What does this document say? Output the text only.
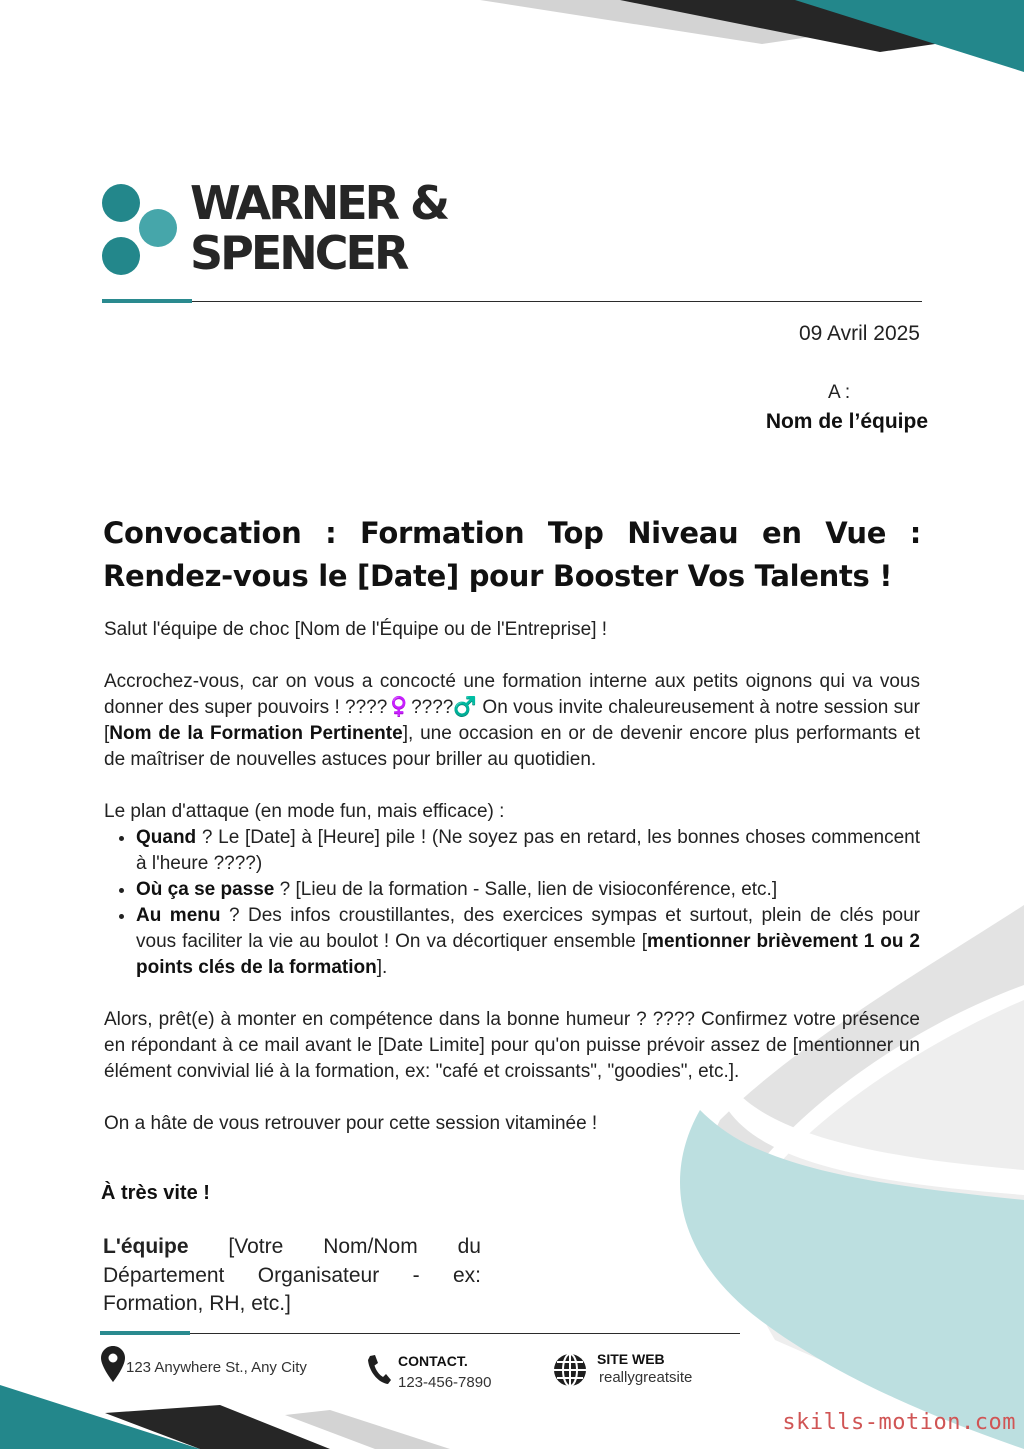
WARNER &
SPENCER
09 Avril 2025
A :
Nom de l’équipe
Convocation : Formation Top Niveau en Vue : Rendez-vous le [Date] pour Booster Vos Talents !

Salut l'équipe de choc [Nom de l'Équipe ou de l'Entreprise] !

Accrochez-vous, car on vous a concocté une formation interne aux petits oignons qui va vous donner des super pouvoirs ! ????♀️????♂️ On vous invite chaleureusement à notre session sur [Nom de la Formation Pertinente], une occasion en or de devenir encore plus performants et de maîtriser de nouvelles astuces pour briller au quotidien.

Le plan d'attaque (en mode fun, mais efficace) :

• Quand ? Le [Date] à [Heure] pile ! (Ne soyez pas en retard, les bonnes choses commencent à l'heure ????)
• Où ça se passe ? [Lieu de la formation - Salle, lien de visioconférence, etc.]
• Au menu ? Des infos croustillantes, des exercices sympas et surtout, plein de clés pour vous faciliter la vie au boulot ! On va décortiquer ensemble [mentionner brièvement 1 ou 2 points clés de la formation].

Alors, prêt(e) à monter en compétence dans la bonne humeur ? ???? Confirmez votre présence en répondant à ce mail avant le [Date Limite] pour qu'on puisse prévoir assez de [mentionner un élément convivial lié à la formation, ex: "café et croissants", "goodies", etc.].

On a hâte de vous retrouver pour cette session vitaminée !

À très vite !
L'équipe [Votre Nom/Nom du Département Organisateur - ex: Formation, RH, etc.]
123 Anywhere St., Any City	CONTACT.
123-456-7890
SITE WEB
reallygreatsite
skills-motion.com
